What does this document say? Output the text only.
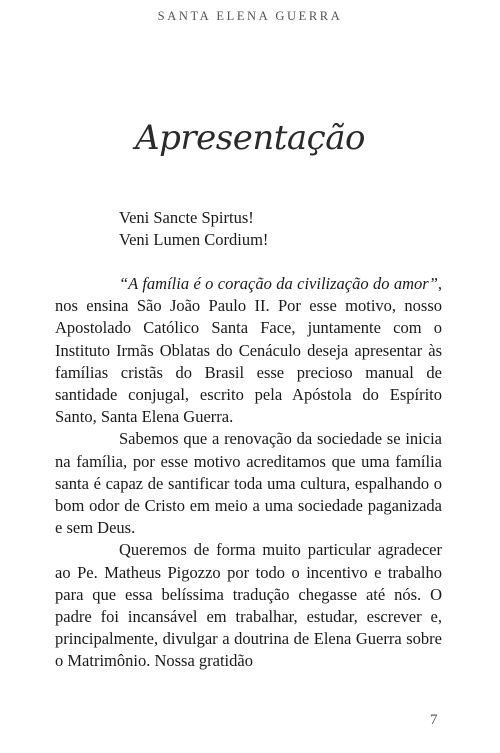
SANTA ELENA GUERRA
Apresentação
Veni Sancte Spirtus!
Veni Lumen Cordium!

“A família é o coração da civilização do amor”, nos ensina São João Paulo II. Por esse motivo, nosso Apostolado Católico Santa Face, juntamente com o Instituto Irmãs Oblatas do Cenáculo deseja apresentar às famílias cristãs do Brasil esse precioso manual de santidade conjugal, escrito pela Apóstola do Espírito Santo, Santa Elena Guerra.

Sabemos que a renovação da sociedade se inicia na família, por esse motivo acreditamos que uma família santa é capaz de santificar toda uma cultura, espalhando o bom odor de Cristo em meio a uma sociedade paganizada e sem Deus.

Queremos de forma muito particular agradecer ao Pe. Matheus Pigozzo por todo o incentivo e trabalho para que essa belíssima tradução chegasse até nós. O padre foi incansável em trabalhar, estudar, escrever e, principalmente, divulgar a doutrina de Elena Guerra sobre o Matrimônio. Nossa gratidão

7
